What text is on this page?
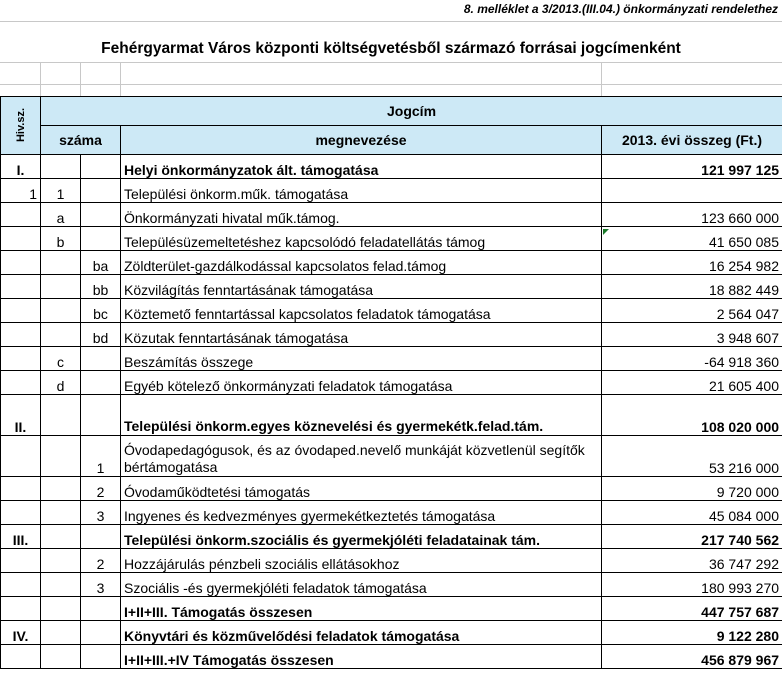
8. melléklet a 3/2013.(III.04.) önkormányzati rendelethez
Fehérgyarmat Város központi költségvetésből származó forrásai jogcímenként
Hiv.sz.	Jogcím			
	száma		megnevezése	2013. évi összeg (Ft.)
I.			Helyi önkormányzatok ált. támogatása	121 997 125
1	1		Települési önkorm.műk. támogatása	
	a		Önkormányzati hivatal műk.támog.	123 660 000
	b		Településüzemeltetéshez kapcsolódó feladatellátás támog	41 650 085
		ba	Zöldterület-gazdálkodással kapcsolatos felad.támog	16 254 982
		bb	Közvilágítás fenntartásának támogatása	18 882 449
		bc	Köztemető fenntartással kapcsolatos feladatok támogatása	2 564 047
		bd	Közutak fenntartásának támogatása	3 948 607
	c		Beszámítás összege	-64 918 360
	d		Egyéb kötelező önkormányzati feladatok támogatása	21 605 400
II.			Települési önkorm.egyes köznevelési és gyermekétk.felad.tám.	108 020 000
		1	Óvodapedagógusok, és az óvodaped.nevelő munkáját közvetlenül segítők bértámogatása	53 216 000
		2	Óvodaműködtetési támogatás	9 720 000
		3	Ingyenes és kedvezményes gyermekétkeztetés támogatása	45 084 000
III.			Települési önkorm.szociális és gyermekjóléti feladatainak tám.	217 740 562
		2	Hozzájárulás pénzbeli szociális ellátásokhoz	36 747 292
		3	Szociális -és gyermekjóléti feladatok támogatása	180 993 270
			I+II+III. Támogatás összesen	447 757 687
IV.			Könyvtári és közművelődési feladatok támogatása	9 122 280
			I+II+III.+IV Támogatás összesen	456 879 967
